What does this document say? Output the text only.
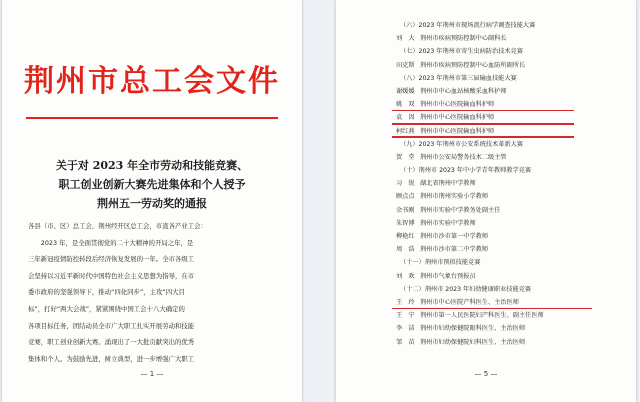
荆州市总工会文件
关于对 2023 年全市劳动和技能竞赛、
职工创业创新大赛先进集体和个人授予
荆州五一劳动奖的通报

各县（市、区）总工会，荆州经开区总工会，市直各产业工会：

2023 年，是全面贯彻党的二十大精神的开局之年，是

三年新冠疫情防控转段后经济恢复发展的一年。全市各级工

会坚持以习近平新时代中国特色社会主义思想为指导，在市

委市政府的坚强领导下，推动“四化同步”，主攻“四大目

标”，打好“两大会战”，紧紧围绕中国工会十八大确定的

各项目标任务，团结动员全市广大职工扎实开展劳动和技能

竞赛，职工创业创新大赛。涌现出了一大批贡献突出的优秀

集体和个人。为鼓励先进，树立典型，进一步增强广大职工

— 1 —
（六）2023 年荆州市现场流行病学调查技能大赛
刘　大 荆州市疾病预防控制中心副科长
（七）2023 年荆州市寄生虫病防治技术竞赛
田克斯 荆州市疾病预防控制中心血防所副所长
（八）2023 年荆州市第三届输血技能大赛
谢媛媛 荆州市中心血站核酸采血科护师
姚　双 荆州市中心医院输血科护师
袁　因 荆州市中心医院输血科护师
柯红燕 荆州市中心医院输血科护师
（九）2023 年荆州市公安系统技术革新大赛
贺　堂 荆州市公安局警务技术二级主管
（十）荆州市 2023 年中小学青年教师教学竞赛
习　锐 湖北省荆州中学教师
顾点点 荆州市荆州实验小学教师
余书刚 荆州市实验中学教务处副主任
朱智博 荆州市实验中学教师
柳艳红 荆州市沙市第一中学教师
周　浩 荆州市沙市第二中学教师
（十一）荆州市预拟技能竞赛
刘　欢 荆州市气象台预报员
（十二）荆州市 2023 年妇幼健康职业技能竞赛
王　玲 荆州市中心医院产科医生、主治医师
王　宁 荆州市第一人民医院妇产科医生、副主任医师
李　洁 荆州市妇幼保健院眼科医生、主治医师
邹　苗 荆州市妇幼保健院妇科医生、主治医师
— 5 —
